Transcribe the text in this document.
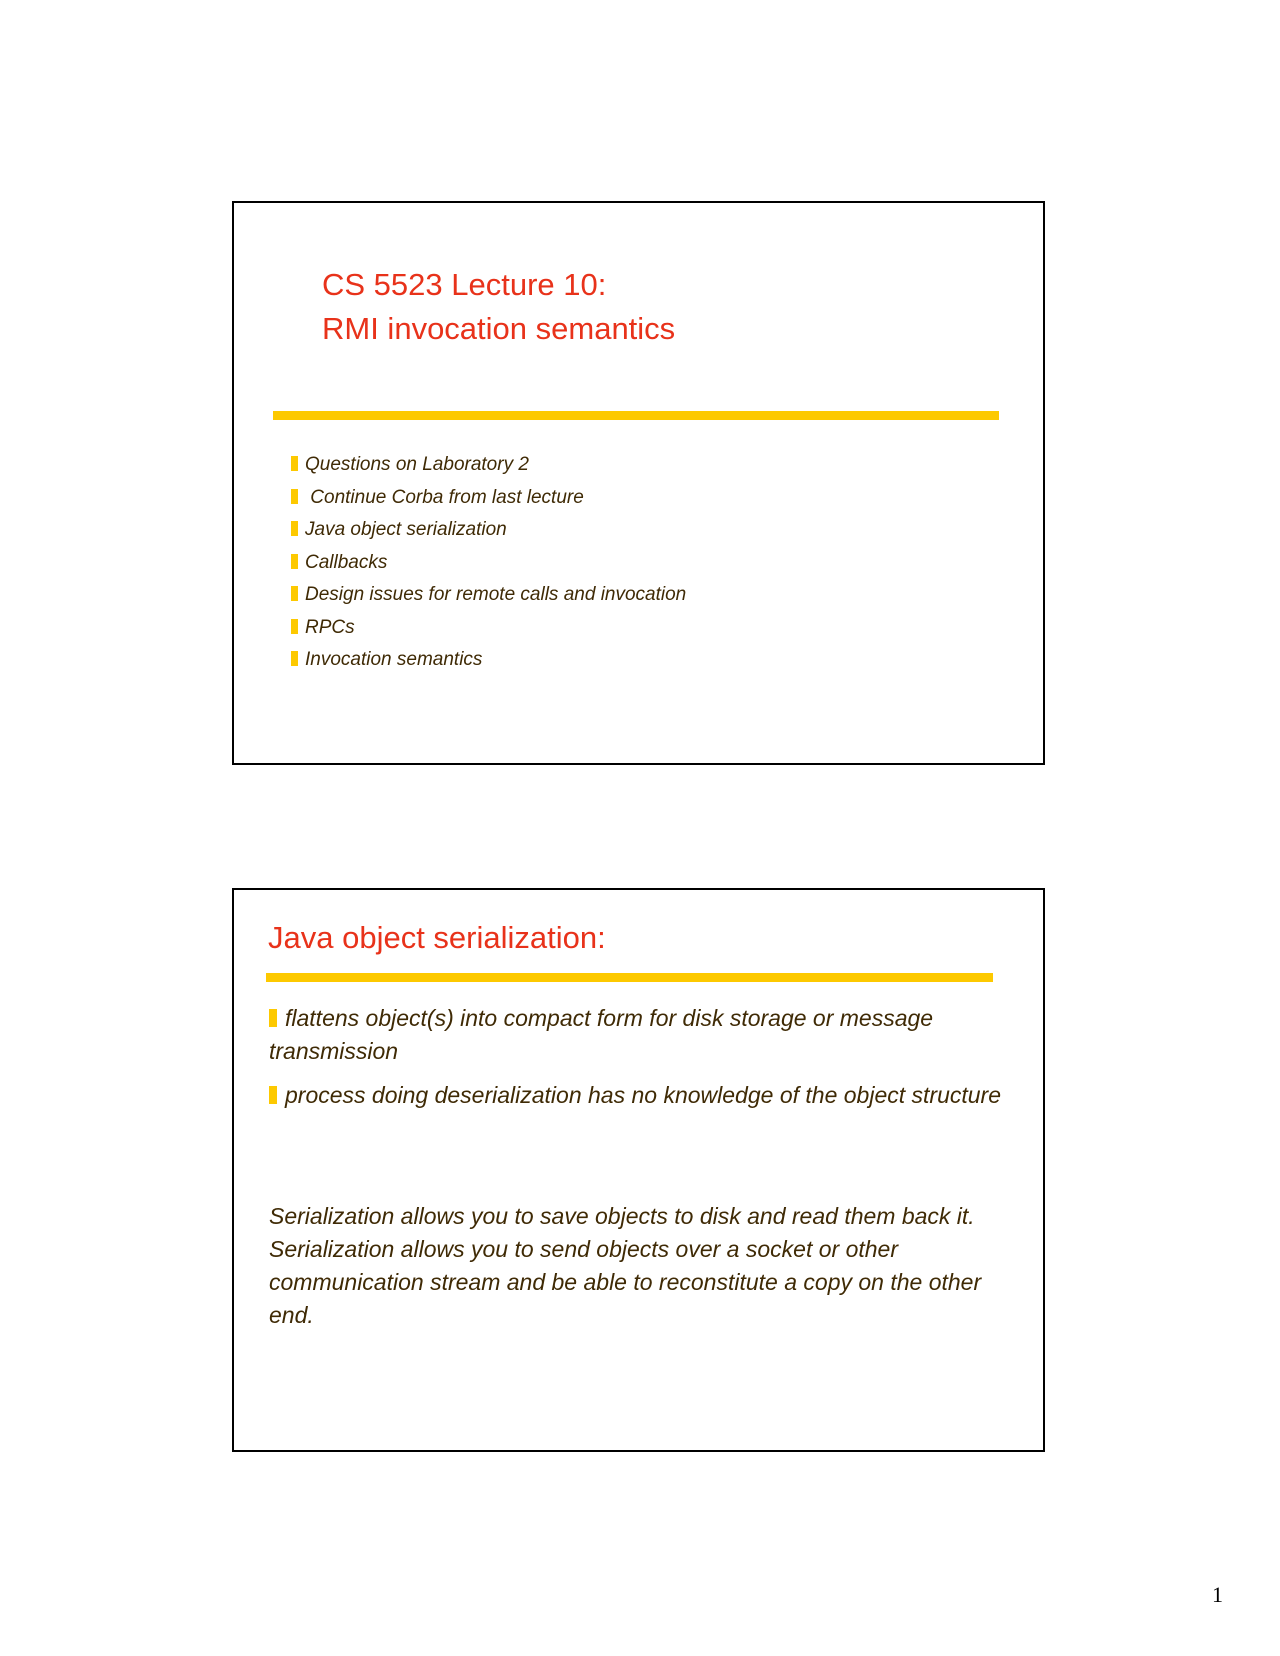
CS 5523 Lecture 10:
RMI invocation semantics
Questions on Laboratory 2
Continue Corba from last lecture
Java object serialization
Callbacks
Design issues for remote calls and invocation
RPCs
Invocation semantics
Java object serialization:
flattens object(s) into compact form for disk storage or message transmission
process doing deserialization has no knowledge of the object structure

Serialization allows you to save objects to disk and read them back it.  Serialization allows you to send objects over a socket or other communication stream and be able to reconstitute a copy on the other end.

1
